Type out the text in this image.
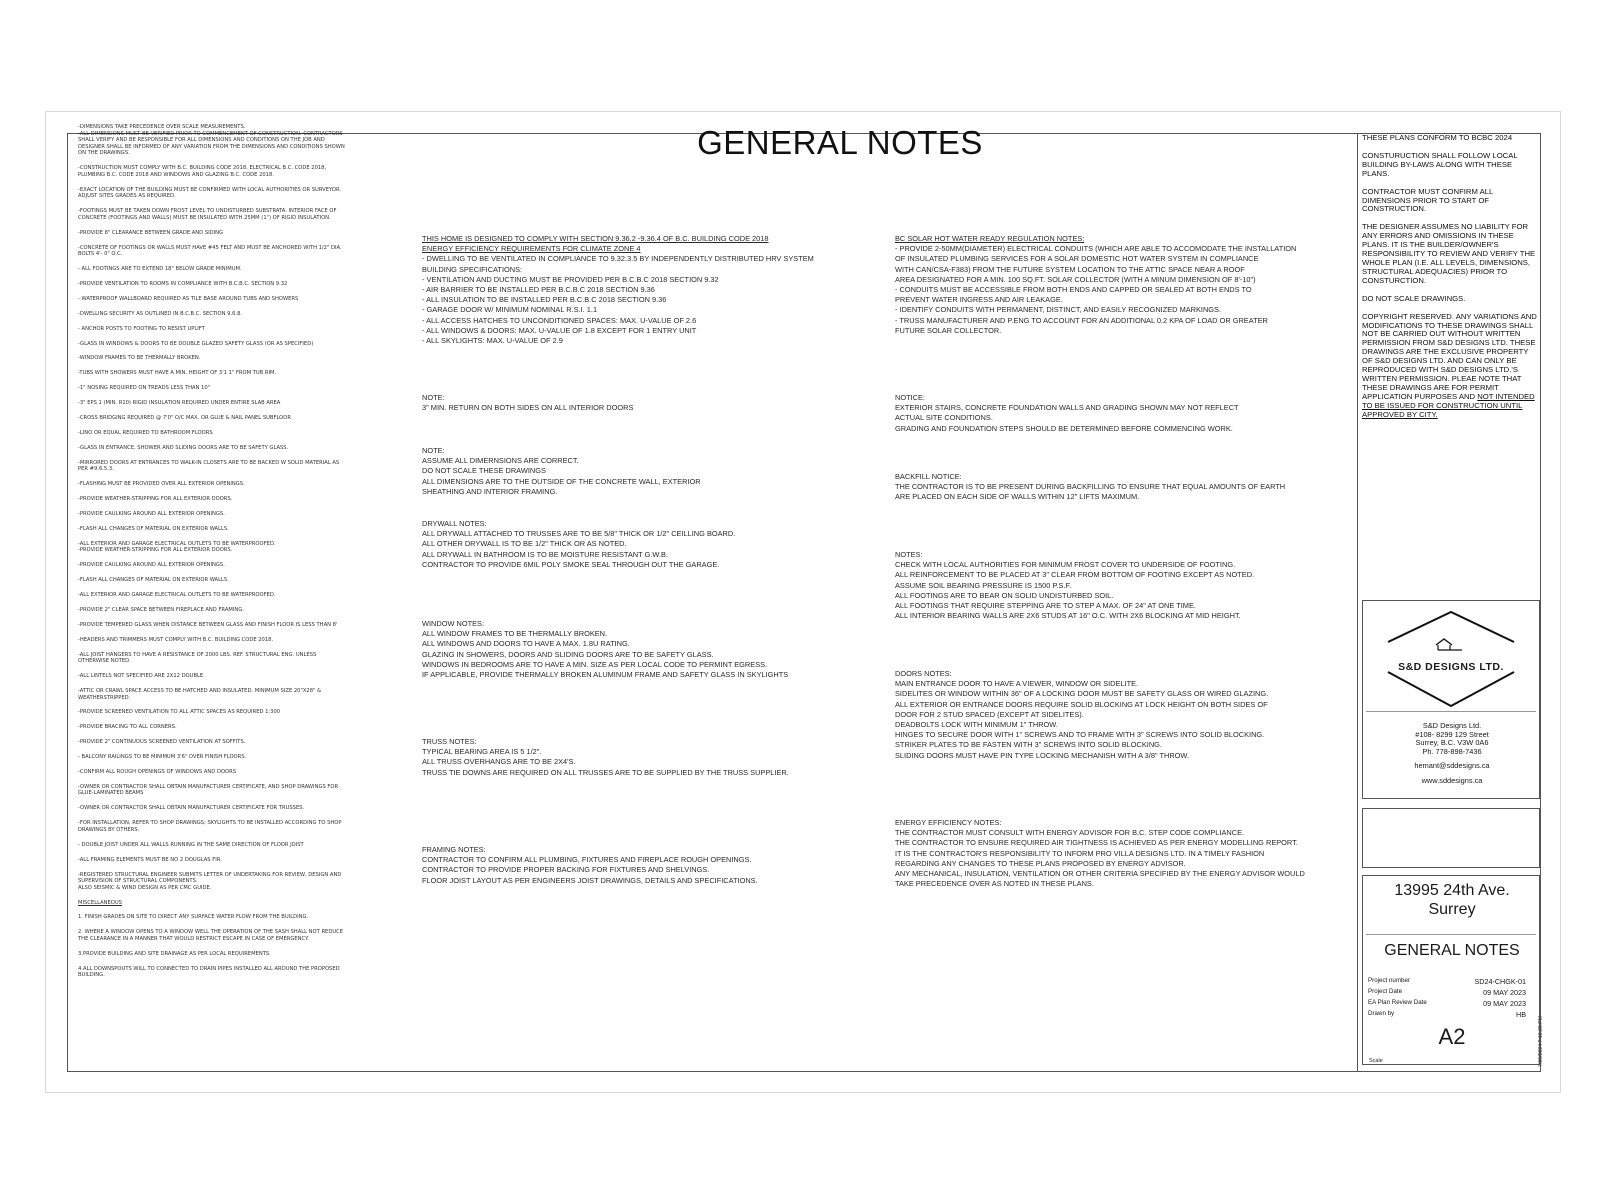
GENERAL NOTES
-DIMENSIONS TAKE PRECEDENCE OVER SCALE MEASUREMENTS.
-ALL DIMENSIONS MUST BE VERIFIED PRIOR TO COMMENCEMENT OF CONSTRUCTION. CONTRACTORS
SHALL VERIFY AND BE RESPONSIBLE FOR ALL DIMENSIONS AND CONDITIONS ON THE JOB AND
DESIGNER SHALL BE INFORMED OF ANY VARIATION FROM THE DIMENSIONS AND CONDITIONS SHOWN
ON THE DRAWINGS.
-CONSTRUCTION MUST COMPLY WITH B.C. BUILDING CODE 2018, ELECTRICAL B.C. CODE 2018,
PLUMBING B.C. CODE 2018 AND WINDOWS AND GLAZING B.C. CODE 2018.
-EXACT LOCATION OF THE BUILDING MUST BE CONFIRMED WITH LOCAL AUTHORITIES OR SURVEYOR.
ADJUST SITES GRADES AS REQUIRED.
-FOOTINGS MUST BE TAKEN DOWN FROST LEVEL TO UNDISTURBED SUBSTRATA. INTERIOR FACE OF
CONCRETE (FOOTINGS AND WALLS) MUST BE INSULATED WITH 25MM (1") OF RIGID INSULATION.
-PROVIDE 8" CLEARANCE BETWEEN GRADE AND SIDING
-CONCRETE OF FOOTINGS OR WALLS MUST HAVE #45 FELT AND MUST BE ANCHORED WITH 1/2" DIA.
BOLTS 4'- 0" O.C.
- ALL FOOTINGS ARE TO EXTEND 18" BELOW GRADE MINIMUM.
-PROVIDE VENTILATION TO ROOMS IN COMPLIANCE WITH B.C.B.C. SECTION 9.32
- WATERPROOF WALLBOARD REQUIRED AS TILE BASE AROUND TUBS AND SHOWERS
-DWELLING SECURITY AS OUTLINED IN B.C.B.C. SECTION 9.6.8.
- ANCHOR POSTS TO FOOTING TO RESIST UPLIFT
-GLASS IN WINDOWS & DOORS TO BE DOUBLE GLAZED SAFETY GLASS (OR AS SPECIFIED)
-WINDOW FRAMES TO BE THERMALLY BROKEN.
-TUBS WITH SHOWERS MUST HAVE A MIN. HEIGHT OF 3'1 1" FROM TUB RIM.
-1" NOSING REQUIRED ON TREADS LESS THAN 10"
-3" EPS 1 (MIN. R10) RIGID INSULATION REQUIRED UNDER ENTIRE SLAB AREA
-CROSS BRIDGING REQUIRED @ 7'0" O/C MAX. OR GLUE & NAIL PANEL SUBFLOOR
-LINO OR EQUAL REQUIRED TO BATHROOM FLOORS
-GLASS IN ENTRANCE, SHOWER AND SLIDING DOORS ARE TO BE SAFETY GLASS.
-MIRRORED DOORS AT ENTRANCES TO WALK-IN CLOSETS ARE TO BE BACKED W SOLID MATERIAL AS
PER #9.6.5.3.
-FLASHING MUST BE PROVIDED OVER ALL EXTERIOR OPENINGS.
-PROVIDE WEATHER-STRIPPING FOR ALL EXTERIOR DOORS.
-PROVIDE CAULKING AROUND ALL EXTERIOR OPENINGS.
-FLASH ALL CHANGES OF MATERIAL ON EXTERIOR WALLS.
-ALL EXTERIOR AND GARAGE ELECTRICAL OUTLETS TO BE WATERPROOFED.
-PROVIDE WEATHER-STRIPPING FOR ALL EXTERIOR DOORS.
-PROVIDE CAULKING AROUND ALL EXTERIOR OPENINGS.
-FLASH ALL CHANGES OF MATERIAL ON EXTERIOR WALLS.
-ALL EXTERIOR AND GARAGE ELECTRICAL OUTLETS TO BE WATERPROOFED.
-PROVIDE 2" CLEAR SPACE BETWEEN FIREPLACE AND FRAMING.
-PROVIDE TEMPERED GLASS WHEN DISTANCE BETWEEN GLASS AND FINISH FLOOR IS LESS THAN 8'
-HEADERS AND TRIMMERS MUST COMPLY WITH B.C. BUILDING CODE 2018.
-ALL JOIST HANGERS TO HAVE A RESISTANCE OF 2000 LBS. REF. STRUCTURAL ENG. UNLESS
OTHERWISE NOTED.
-ALL LINTELS NOT SPECIFIED ARE 2X12 DOUBLE.
-ATTIC OR CRAWL SPACE ACCESS TO BE HATCHED AND INSULATED. MINIMUM SIZE 20"X28" &
WEATHERSTRIPPED.
-PROVIDE SCREENED VENTILATION TO ALL ATTIC SPACES AS REQUIRED 1:300
-PROVIDE BRACING TO ALL CORNERS.
-PROVIDE 2" CONTINUOUS SCREENED VENTILATION AT SOFFITS.
- BALCONY RAILINGS TO BE MINIMUM 3'6" OVER FINISH FLOORS.
-CONFIRM ALL ROUGH OPENINGS OF WINDOWS AND DOORS
-OWNER OR CONTRACTOR SHALL OBTAIN MANUFACTURER CERTIFICATE, AND SHOP DRAWINGS FOR
GLUE-LAMINATED BEAMS
-OWNER OR CONTRACTOR SHALL OBTAIN MANUFACTURER CERTIFICATE FOR TRUSSES.
-FOR INSTALLATION, REFER TO SHOP DRAWINGS; SKYLIGHTS TO BE INSTALLED ACCORDING TO SHOP
DRAWINGS BY OTHERS.
- DOUBLE JOIST UNDER ALL WALLS RUNNING IN THE SAME DIRECTION OF FLOOR JOIST
-ALL FRAMING ELEMENTS MUST BE NO 2 DOUGLAS FIR.
-REGISTERED STRUCTURAL ENGINEER SUBMITS LETTER OF UNDERTAKING FOR REVIEW, DESIGN AND
SUPERVISION OF STRUCTURAL COMPONENTS.
ALSO SEISMIC & WIND DESIGN AS PER CMC GUIDE.
MISCELLANEOUS
1. FINISH GRADES ON SITE TO DIRECT ANY SURFACE WATER FLOW FROM THE BUILDING.
2. WHERE A WINDOW OPENS TO A WINDOW WELL THE OPERATION OF THE SASH SHALL NOT REDUCE
THE CLEARANCE IN A MANNER THAT WOULD RESTRICT ESCAPE IN CASE OF EMERGENCY.
3.PROVIDE BUILDING AND SITE DRAINAGE AS PER LOCAL REQUIREMENTS.
4.ALL DOWNSPOUTS WILL TO CONNECTED TO DRAIN PIPES INSTALLED ALL AROUND THE PROPOSED
BUILDING.
THIS HOME IS DESIGNED TO COMPLY WITH SECTION 9.36.2 -9.36.4 OF B.C. BUILDING CODE 2018
ENERGY EFFICIENCY REQUIREMENTS FOR CLIMATE ZONE 4
- DWELLING TO BE VENTILATED IN COMPLIANCE TO 9.32.3.5 BY INDEPENDENTLY DISTRIBUTED HRV SYSTEM
BUILDING SPECIFICATIONS:
- VENTILATION AND DUCTING MUST BE PROVIDED PER B.C.B.C 2018 SECTION 9.32
- AIR BARRIER TO BE INSTALLED PER B.C.B.C 2018 SECTION 9.36
- ALL INSULATION TO BE INSTALLED PER B.C.B.C 2018 SECTION 9.36
- GARAGE DOOR W/ MINIMUM NOMINAL R.S.I. 1.1
- ALL ACCESS HATCHES TO UNCONDITIONED SPACES: MAX. U-VALUE OF 2.6
- ALL WINDOWS & DOORS: MAX. U-VALUE OF 1.8 EXCEPT FOR 1 ENTRY UNIT
- ALL SKYLIGHTS: MAX. U-VALUE OF 2.9
NOTE:
3" MIN. RETURN ON BOTH SIDES ON ALL INTERIOR DOORS
NOTE:
ASSUME ALL DIMERNSIONS ARE CORRECT.
DO NOT SCALE THESE DRAWINGS
ALL DIMENSIONS ARE TO THE OUTSIDE OF THE CONCRETE WALL, EXTERIOR
SHEATHING AND INTERIOR FRAMING.
DRYWALL NOTES:
ALL DRYWALL ATTACHED TO TRUSSES ARE TO BE 5/8" THICK OR 1/2" CEILLING BOARD.
ALL OTHER DRYWALL IS TO BE 1/2" THICK OR AS NOTED.
ALL DRYWALL IN BATHROOM IS TO BE MOISTURE RESISTANT G.W.B.
CONTRACTOR TO PROVIDE 6MIL POLY SMOKE SEAL THROUGH OUT THE GARAGE.
WINDOW NOTES:
ALL WINDOW FRAMES TO BE THERMALLY BROKEN.
ALL WINDOWS AND DOORS TO HAVE A MAX. 1.8U RATING.
GLAZING IN SHOWERS, DOORS AND SLIDING DOORS ARE TO BE SAFETY GLASS.
WINDOWS IN BEDROOMS ARE TO HAVE A MIN. SIZE AS PER LOCAL CODE TO PERMINT EGRESS.
IF APPLICABLE, PROVIDE THERMALLY BROKEN ALUMINUM FRAME AND SAFETY GLASS IN SKYLIGHTS
TRUSS NOTES:
TYPICAL BEARING AREA IS 5 1/2".
ALL TRUSS OVERHANGS ARE TO BE 2X4'S.
TRUSS TIE DOWNS ARE REQUIRED ON ALL TRUSSES ARE TO BE SUPPLIED BY THE TRUSS SUPPLIER.
FRAMING NOTES:
CONTRACTOR TO CONFIRM ALL PLUMBING, FIXTURES AND FIREPLACE ROUGH OPENINGS.
CONTRACTOR TO PROVIDE PROPER BACKING FOR FIXTURES AND SHELVINGS.
FLOOR JOIST LAYOUT AS PER ENGINEERS JOIST DRAWINGS, DETAILS AND SPECIFICATIONS.
BC SOLAR HOT WATER READY REGULATION NOTES:
- PROVIDE 2-50MM(DIAMETER) ELECTRICAL CONDUITS (WHICH ARE ABLE TO ACCOMODATE THE INSTALLATION
OF INSULATED PLUMBING SERVICES FOR A SOLAR DOMESTIC HOT WATER SYSTEM IN COMPLIANCE
WITH CAN/CSA-F383) FROM THE FUTURE SYSTEM LOCATION TO THE ATTIC SPACE NEAR A ROOF
AREA DESIGNATED FOR A MIN. 100 SQ.FT. SOLAR COLLECTOR (WITH A MINUM DIMENSION OF 8'-10")
- CONDUITS MUST BE ACCESSIBLE FROM BOTH ENDS AND CAPPED OR SEALED AT BOTH ENDS TO
PREVENT WATER INGRESS AND AIR LEAKAGE.
- IDENTIFY CONDUITS WITH PERMANENT, DISTINCT, AND EASILY RECOGNIZED MARKINGS.
- TRUSS MANUFACTURER AND P.ENG TO ACCOUNT FOR AN ADDITIONAL 0.2 KPA OF LOAD OR GREATER
FUTURE SOLAR COLLECTOR.
NOTICE:
EXTERIOR STAIRS, CONCRETE FOUNDATION WALLS AND GRADING SHOWN MAY NOT REFLECT
ACTUAL SITE CONDITIONS.
GRADING AND FOUNDATION STEPS SHOULD BE DETERMINED BEFORE COMMENCING WORK.
BACKFILL NOTICE:
THE CONTRACTOR IS TO BE PRESENT DURING BACKFILLING TO ENSURE THAT EQUAL AMOUNTS OF EARTH
ARE PLACED ON EACH SIDE OF WALLS WITHIN 12" LIFTS MAXIMUM.
NOTES:
CHECK WITH LOCAL AUTHORITIES FOR MINIMUM FROST COVER TO UNDERSIDE OF FOOTING.
ALL REINFORCEMENT TO BE PLACED AT 3" CLEAR FROM BOTTOM OF FOOTING EXCEPT AS NOTED.
ASSUME SOIL BEARING PRESSURE IS 1500 P.S.F.
ALL FOOTINGS ARE TO BEAR ON SOLID UNDISTURBED SOIL.
ALL FOOTINGS THAT REQUIRE STEPPING ARE TO STEP A MAX. OF 24" AT ONE TIME.
ALL INTERIOR BEARING WALLS ARE 2X6 STUDS AT 16" O.C. WITH 2X6 BLOCKING AT MID HEIGHT.
DOORS NOTES:
MAIN ENTRANCE DOOR TO HAVE A VIEWER, WINDOW OR SIDELITE.
SIDELITES OR WINDOW WITHIN 36" OF A LOCKING DOOR MUST BE SAFETY GLASS OR WIRED GLAZING.
ALL EXTERIOR OR ENTRANCE DOORS REQUIRE SOLID BLOCKING AT LOCK HEIGHT ON BOTH SIDES OF
DOOR FOR 2 STUD SPACED (EXCEPT AT SIDELITES).
DEADBOLTS LOCK WITH MINIMUM 1" THROW.
HINGES TO SECURE DOOR WITH 1" SCREWS AND TO FRAME WITH 3" SCREWS INTO SOLID BLOCKING.
STRIKER PLATES TO BE FASTEN WITH 3" SCREWS INTO SOLID BLOCKING.
SLIDING DOORS MUST HAVE PIN TYPE LOCKING MECHANISH WITH A 3/8" THROW.
ENERGY EFFICIENCY NOTES:
THE CONTRACTOR MUST CONSULT WITH ENERGY ADVISOR FOR B.C. STEP CODE COMPLIANCE.
THE CONTRACTOR TO ENSURE REQUIRED AIR TIGHTNESS IS ACHIEVED AS PER ENERGY MODELLING REPORT.
IT IS THE CONTRACTOR'S RESPONSIBILITY TO INFORM PRO VILLA DESIGNS LTD. IN A TIMELY FASHION
REGARDING ANY CHANGES TO THESE PLANS PROPOSED BY ENERGY ADVISOR.
ANY MECHANICAL, INSULATION, VENTILATION OR OTHER CRITERIA SPECIFIED BY THE ENERGY ADVISOR WOULD
TAKE PRECEDENCE OVER AS NOTED IN THESE PLANS.
THESE PLANS CONFORM TO BCBC 2024
CONSTURUCTION SHALL FOLLOW LOCAL BUILDING BY-LAWS ALONG WITH THESE PLANS.
CONTRACTOR MUST CONFIRM ALL DIMENSIONS PRIOR TO START OF CONSTRUCTION.
THE DESIGNER ASSUMES NO LIABILITY FOR ANY ERRORS AND OMISSIONS IN THESE PLANS. IT IS THE BUILDER/OWNER'S RESPONSIBILITY TO REVIEW AND VERIFY THE WHOLE PLAN (I.E. ALL LEVELS, DIMENSIONS, STRUCTURAL ADEQUACIES) PRIOR TO CONSTURCTION.
DO NOT SCALE DRAWINGS.
COPYRIGHT RESERVED. ANY VARIATIONS AND MODIFICATIONS TO THESE DRAWINGS SHALL NOT BE CARRIED OUT WITHOUT WRITTEN PERMISSION FROM S&D DESIGNS LTD. THESE DRAWINGS ARE THE EXCLUSIVE PROPERTY OF S&D DESIGNS LTD. AND CAN ONLY BE REPRODUCED WITH S&D DESIGNS LTD.'S WRITTEN PERMISSION. PLEAE NOTE THAT THESE DRAWINGS ARE FOR PERMIT APPLICATION PURPOSES AND NOT INTENDED TO BE ISSUED FOR CONSTRUCTION UNTIL APPROVED BY CITY.
S&D DESIGNS LTD.
S&D Designs Ltd.
#108- 8299 129 Street
Surrey, B.C. V3W 0A6
Ph. 778-898-7436
hemant@sddesigns.ca
www.sddesigns.ca
13995 24th Ave.
Surrey
GENERAL NOTES
Project number	SD24-CHGK-01
Project Date	09 MAY 2023
EA Plan Review Date	09 MAY 2023
Drawn by	HB
A2
Scale	7/30/2024 7:10:05 PM
